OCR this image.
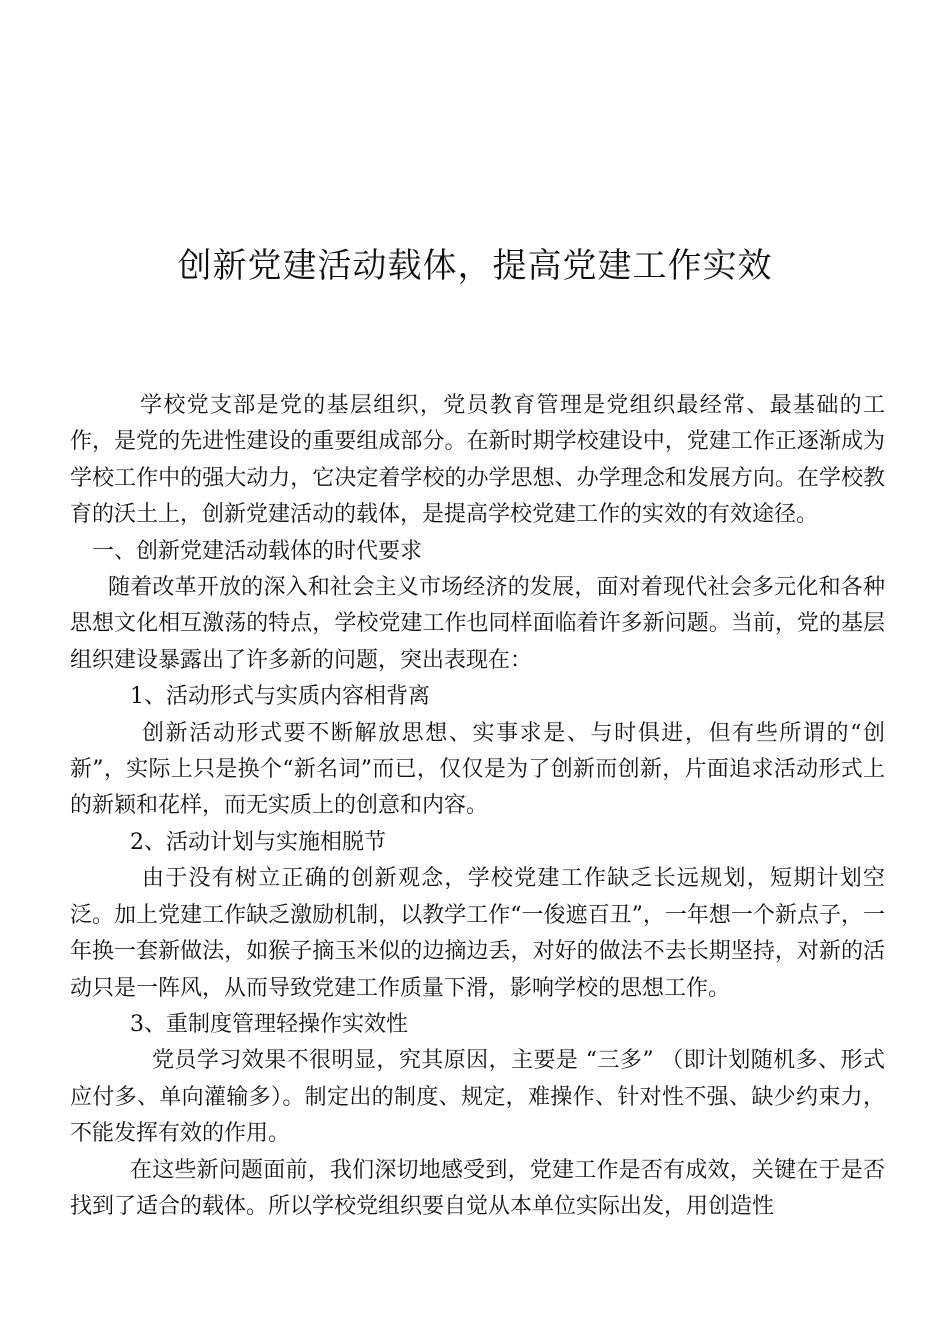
创新党建活动载体，提高党建工作实效

学校党支部是党的基层组织，党员教育管理是党组织最经常、最基础的工作，是党的先进性建设的重要组成部分。在新时期学校建设中，党建工作正逐渐成为学校工作中的强大动力，它决定着学校的办学思想、办学理念和发展方向。在学校教育的沃土上，创新党建活动的载体，是提高学校党建工作的实效的有效途径。

一、创新党建活动载体的时代要求

随着改革开放的深入和社会主义市场经济的发展，面对着现代社会多元化和各种思想文化相互激荡的特点，学校党建工作也同样面临着许多新问题。当前，党的基层组织建设暴露出了许多新的问题，突出表现在：

1、活动形式与实质内容相背离

创新活动形式要不断解放思想、实事求是、与时俱进，但有些所谓的“创新”，实际上只是换个“新名词”而已，仅仅是为了创新而创新，片面追求活动形式上的新颖和花样，而无实质上的创意和内容。

2、活动计划与实施相脱节

由于没有树立正确的创新观念，学校党建工作缺乏长远规划，短期计划空泛。加上党建工作缺乏激励机制，以教学工作“一俊遮百丑”，一年想一个新点子，一年换一套新做法，如猴子摘玉米似的边摘边丢，对好的做法不去长期坚持，对新的活动只是一阵风，从而导致党建工作质量下滑，影响学校的思想工作。

3、重制度管理轻操作实效性

党员学习效果不很明显，究其原因，主要是 “三多” （即计划随机多、形式应付多、单向灌输多）。制定出的制度、规定，难操作、针对性不强、缺少约束力，不能发挥有效的作用。

在这些新问题面前，我们深切地感受到，党建工作是否有成效，关键在于是否找到了适合的载体。所以学校党组织要自觉从本单位实际出发，用创造性
